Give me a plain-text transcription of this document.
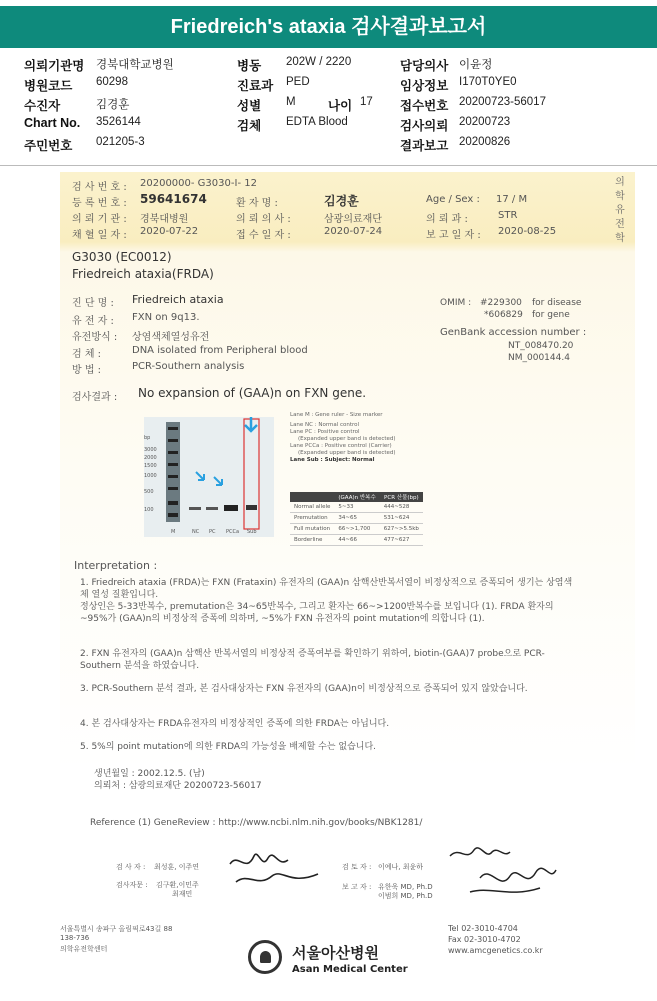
Friedreich's ataxia 검사결과보고서
의뢰기관명 경북대학교병원	병동 202W / 2220	담당의사 이윤정
병원코드 60298	진료과 PED	임상정보 I170T0YE0
수진자	김경훈	성별 M	나이 17 접수번호 20200723-56017
Chart No. 3526144	검체 EDTA Blood	검사의뢰 20200723
주민번호 021205-3	결과보고 20200826
검 사 번 호 : 20200000- G3030-I- 12
등 록 번 호 : 59641674	환 자 명 :	김경훈	Age / Sex : 17 / M
의 뢰 기 관 : 경북대병원	의 뢰 의 사 :	삼광의료재단	의 뢰 과 :	STR
채 혈 일 자 : 2020-07-22	접 수 일 자 :	2020-07-24	보 고 일 자 : 2020-08-25
의학유전학
G3030 (EC0012)
Friedreich ataxia(FRDA)
진 단 명 : Friedreich ataxia
유 전 자 : FXN on 9q13.
유전방식 : 상염색체열성유전
검 체 :	DNA isolated from Peripheral blood
방 법 :	PCR-Southern analysis
OMIM : #229300 for disease
*606829 for gene
GenBank accession number :
NT_008470.20
NM_000144.4
검사결과 : No expansion of (GAA)n on FXN gene.
bp
3000
2000
1500
1000
500
100
M	NC PC PCCa Sub
Lane M : Gene ruler - Size marker
Lane NC : Normal control
Lane PC : Positive control
(Expanded upper band is detected)
Lane PCCa : Positive control (Carrier)
(Expanded upper band is detected)
Lane Sub : Subject: Normal
	(GAA)n 반복수	PCR 산물(bp)
Normal allele	5~33	444~528
Premutation	34~65	531~624
Full mutation	66~>1,700	627~>5.5kb
Borderline	44~66	477~627
Interpretation :
1. Friedreich ataxia (FRDA)는 FXN (Frataxin) 유전자의 (GAA)n 삼핵산반복서열이 비정상적으로 증폭되어 생기는 상염색체 열성 질환입니다.
정상인은 5-33반복수, premutation은 34~65반복수, 그리고 환자는 66~>1200반복수를 보입니다 (1). FRDA 환자의 ~95%가 (GAA)n의 비정상적 증폭에 의하며, ~5%가 FXN 유전자의 point mutation에 의합니다 (1).
2. FXN 유전자의 (GAA)n 삼핵산 반복서열의 비정상적 증폭여부를 확인하기 위하여, biotin-(GAA)7 probe으로 PCR-Southern 분석을 하였습니다.
3. PCR-Southern 분석 결과, 본 검사대상자는 FXN 유전자의 (GAA)n이 비정상적으로 증폭되어 있지 않았습니다.
4. 본 검사대상자는 FRDA유전자의 비정상적인 증폭에 의한 FRDA는 아닙니다.
5. 5%의 point mutation에 의한 FRDA의 가능성을 배제할 수는 없습니다.
생년월일 : 2002.12.5. (남)
의뢰처 : 삼광의료재단 20200723-56017
Reference (1) GeneReview : http://www.ncbi.nlm.nih.gov/books/NBK1281/
검 사 자 : 최성훈, 이주연
검사자문 : 김구환,이민주
최재민
검 토 자 : 이예나, 최윤하
보 고 자 : 유한욱 MD, Ph.D
이범희 MD, Ph.D
서울특별시 송파구 올림픽로43길 88
138-736
의학유전학센터	서울아산병원
Asan Medical Center
Tel 02-3010-4704
Fax 02-3010-4702
www.amcgenetics.co.kr
